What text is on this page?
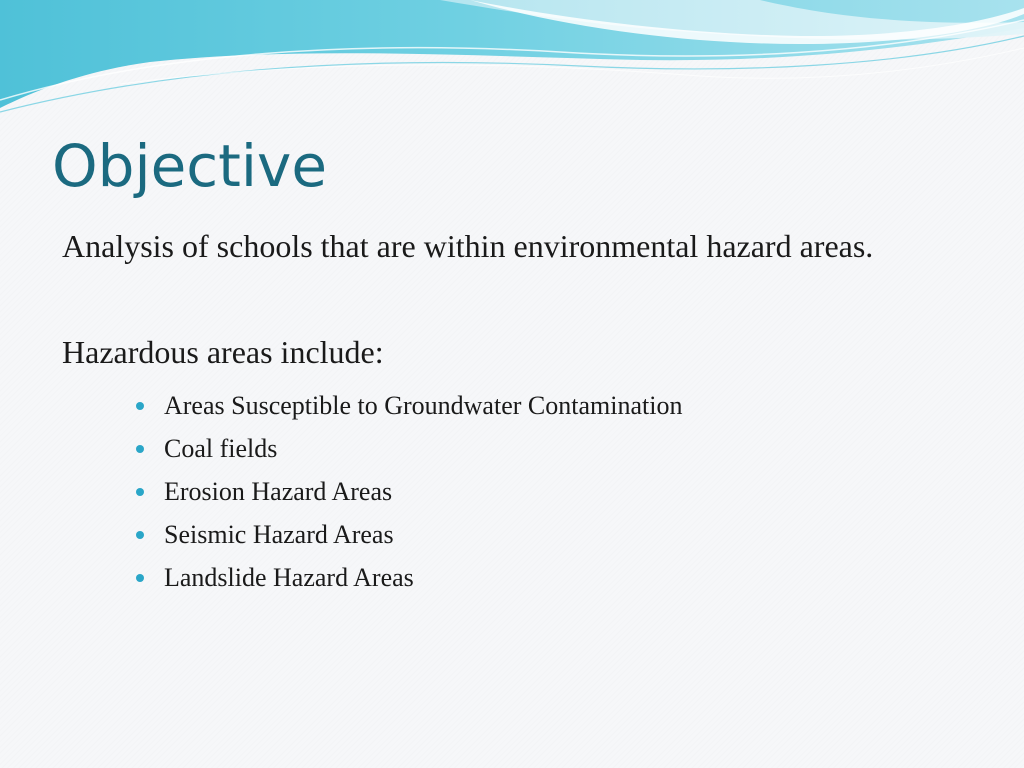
Objective

Analysis of schools that are within environmental hazard areas.

Hazardous areas include:

Areas Susceptible to Groundwater Contamination
Coal fields
Erosion Hazard Areas
Seismic Hazard Areas
Landslide Hazard Areas
